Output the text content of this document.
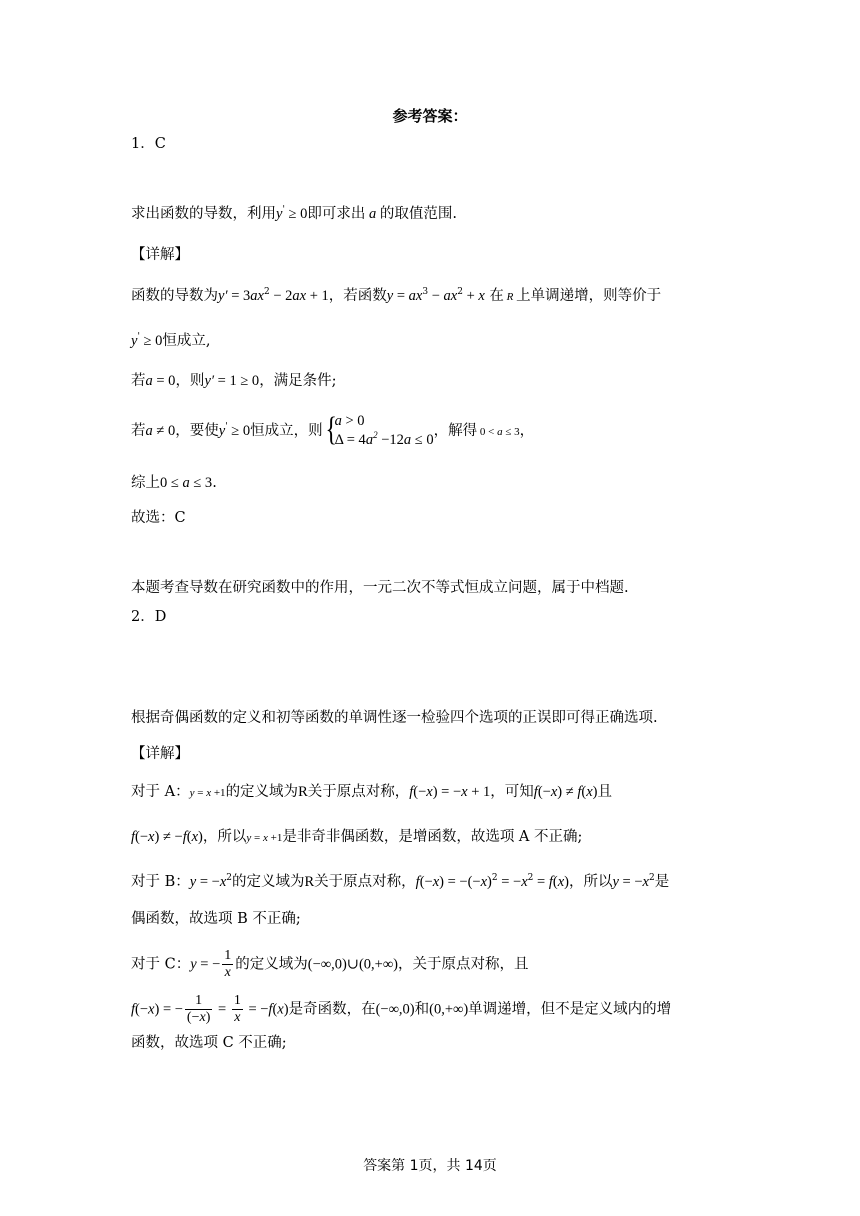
参考答案：
1．C
求出函数的导数，利用y' ≥ 0即可求出 a 的取值范围.
【详解】
函数的导数为$y' = 3ax^2 - 2ax + 1$，若函数$y = ax^3 - ax^2 + x$ 在 R 上单调递增，则等价于
y' ≥ 0恒成立,
若a = 0，则y′ = 1 ≥ 0，满足条件;
若a ≠ 0，要使y' ≥ 0恒成立，则 {
a > 0
$\Delta = 4a^2 -12a \le 0$
，解得 0 < a ≤ 3，
综上0 ≤ a ≤ 3.
故选：C
本题考查导数在研究函数中的作用，一元二次不等式恒成立问题，属于中档题.
2．D
根据奇偶函数的定义和初等函数的单调性逐一检验四个选项的正误即可得正确选项.
【详解】
对于 A：y = x +1的定义域为R关于原点对称，f(−x) = −x + 1，可知f(−x) ≠ f(x)且
f(−x) ≠ −f(x)，所以y = x +1是非奇非偶函数，是增函数，故选项 A 不正确;
对于 B：$y = -x^2$的定义域为R关于原点对称，$f(-x) = -(-x)^2 = -x^2 = f(x)$，所以$y = -x^2$是
偶函数，故选项 B 不正确;
对于 C：y = − $\frac{1}{x}$ 的定义域为(−∞,0)∪(0,+∞)，关于原点对称，且
f(−x) = − $\frac{1}{(-x)} = \frac{1}{x} = -f(x)$是奇函数，在(−∞,0)和(0,+∞)单调递增，但不是定义域内的增
函数，故选项 C 不正确;
答案第 1页，共 14页
